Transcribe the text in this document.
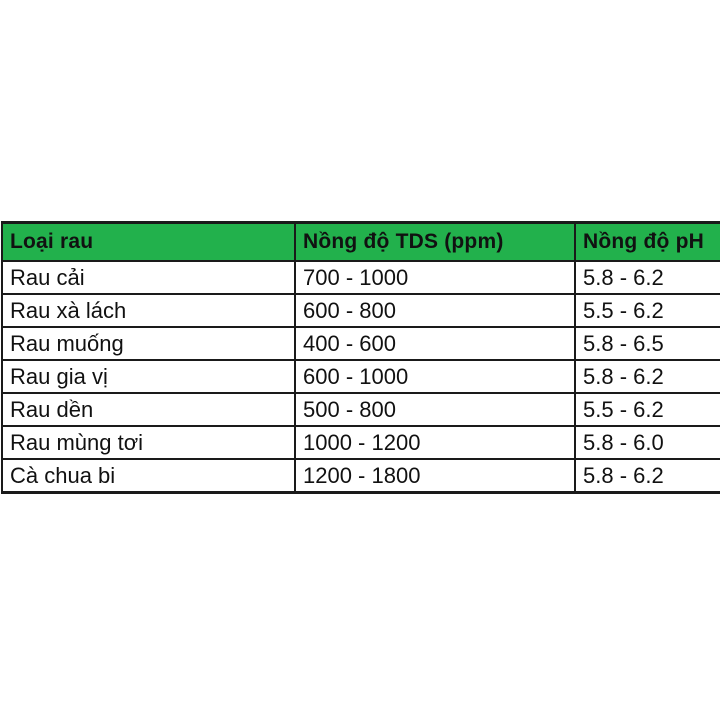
Loại rau	Nồng độ TDS (ppm)	Nồng độ pH
Rau cải	700 - 1000	5.8 - 6.2
Rau xà lách	600 - 800	5.5 - 6.2
Rau muống	400 - 600	5.8 - 6.5
Rau gia vị	600 - 1000	5.8 - 6.2
Rau dền	500 - 800	5.5 - 6.2
Rau mùng tơi	1000 - 1200	5.8 - 6.0
Cà chua bi	1200 - 1800	5.8 - 6.2
